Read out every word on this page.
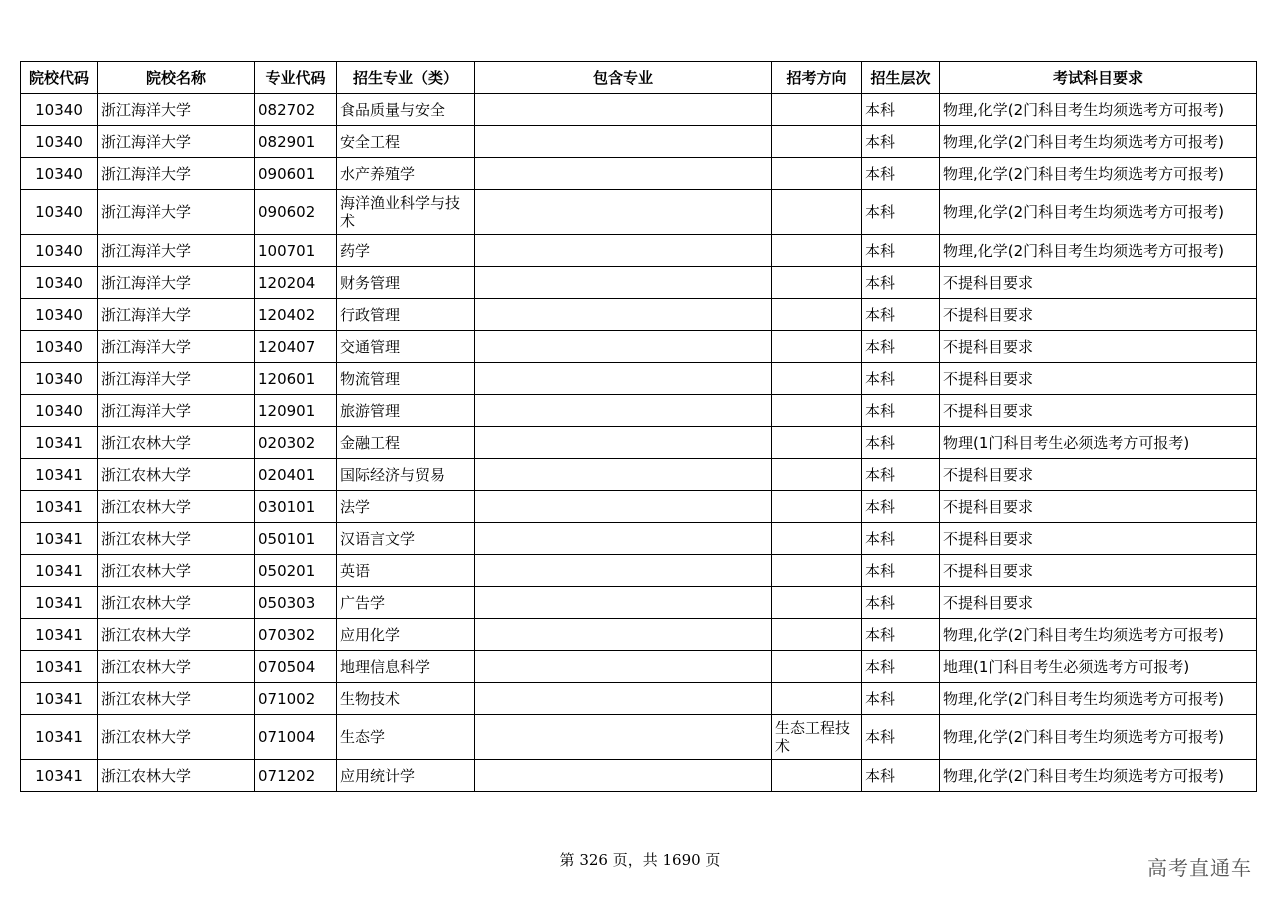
院校代码	院校名称	专业代码	招生专业（类）	包含专业	招考方向	招生层次	考试科目要求
10340	浙江海洋大学	082702	食品质量与安全			本科	物理,化学(2门科目考生均须选考方可报考)
10340	浙江海洋大学	082901	安全工程			本科	物理,化学(2门科目考生均须选考方可报考)
10340	浙江海洋大学	090601	水产养殖学			本科	物理,化学(2门科目考生均须选考方可报考)
10340	浙江海洋大学	090602	海洋渔业科学与技术			本科	物理,化学(2门科目考生均须选考方可报考)
10340	浙江海洋大学	100701	药学			本科	物理,化学(2门科目考生均须选考方可报考)
10340	浙江海洋大学	120204	财务管理			本科	不提科目要求
10340	浙江海洋大学	120402	行政管理			本科	不提科目要求
10340	浙江海洋大学	120407	交通管理			本科	不提科目要求
10340	浙江海洋大学	120601	物流管理			本科	不提科目要求
10340	浙江海洋大学	120901	旅游管理			本科	不提科目要求
10341	浙江农林大学	020302	金融工程			本科	物理(1门科目考生必须选考方可报考)
10341	浙江农林大学	020401	国际经济与贸易			本科	不提科目要求
10341	浙江农林大学	030101	法学			本科	不提科目要求
10341	浙江农林大学	050101	汉语言文学			本科	不提科目要求
10341	浙江农林大学	050201	英语			本科	不提科目要求
10341	浙江农林大学	050303	广告学			本科	不提科目要求
10341	浙江农林大学	070302	应用化学			本科	物理,化学(2门科目考生均须选考方可报考)
10341	浙江农林大学	070504	地理信息科学			本科	地理(1门科目考生必须选考方可报考)
10341	浙江农林大学	071002	生物技术			本科	物理,化学(2门科目考生均须选考方可报考)
10341	浙江农林大学	071004	生态学		生态工程技术	本科	物理,化学(2门科目考生均须选考方可报考)
10341	浙江农林大学	071202	应用统计学			本科	物理,化学(2门科目考生均须选考方可报考)
第 326 页，共 1690 页	高考直通车
